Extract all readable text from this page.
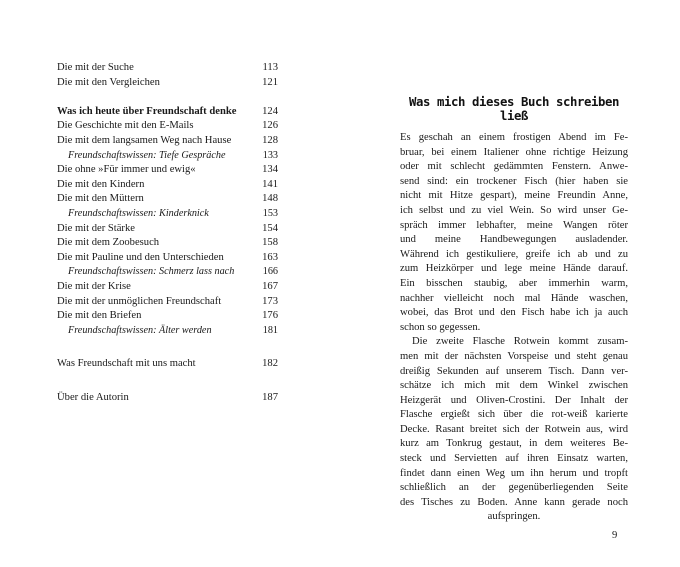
Die mit der Suche	113
Die mit den Vergleichen	121
Was ich heute über Freundschaft denke 124
Die Geschichte mit den E-Mails	126
Die mit dem langsamen Weg nach Hause	128
Freundschaftswissen: Tiefe Gespräche	133
Die ohne »Für immer und ewig«	134
Die mit den Kindern	141
Die mit den Müttern	148
Freundschaftswissen: Kinderknick	153
Die mit der Stärke	154
Die mit dem Zoobesuch	158
Die mit Pauline und den Unterschieden	163
Freundschaftswissen: Schmerz lass nach	166
Die mit der Krise	167
Die mit der unmöglichen Freundschaft	173
Die mit den Briefen	176
Freundschaftswissen: Älter werden	181
Was Freundschaft mit uns macht	182
Über die Autorin	187
Was mich dieses Buch schreiben ließ
Es geschah an einem frostigen Abend im Fe-
bruar, bei einem Italiener ohne richtige Heizung
oder mit schlecht gedämmten Fenstern. Anwe-
send sind: ein trockener Fisch (hier haben sie
nicht mit Hitze gespart), meine Freundin Anne,
ich selbst und zu viel Wein. So wird unser Ge-
spräch immer lebhafter, meine Wangen röter
und meine Handbewegungen ausladender.
Während ich gestikuliere, greife ich ab und zu
zum Heizkörper und lege meine Hände darauf.
Ein bisschen staubig, aber immerhin warm,
nachher vielleicht noch mal Hände waschen,
wobei, das Brot und den Fisch habe ich ja auch
schon so gegessen.
Die zweite Flasche Rotwein kommt zusam-
men mit der nächsten Vorspeise und steht genau
dreißig Sekunden auf unserem Tisch. Dann ver-
schätze ich mich mit dem Winkel zwischen
Heizgerät und Oliven-Crostini. Der Inhalt der
Flasche ergießt sich über die rot-weiß karierte
Decke. Rasant breitet sich der Rotwein aus, wird
kurz am Tonkrug gestaut, in dem weiteres Be-
steck und Servietten auf ihren Einsatz warten,
findet dann einen Weg um ihn herum und tropft
schließlich an der gegenüberliegenden Seite
des Tisches zu Boden. Anne kann gerade noch
aufspringen.
9
